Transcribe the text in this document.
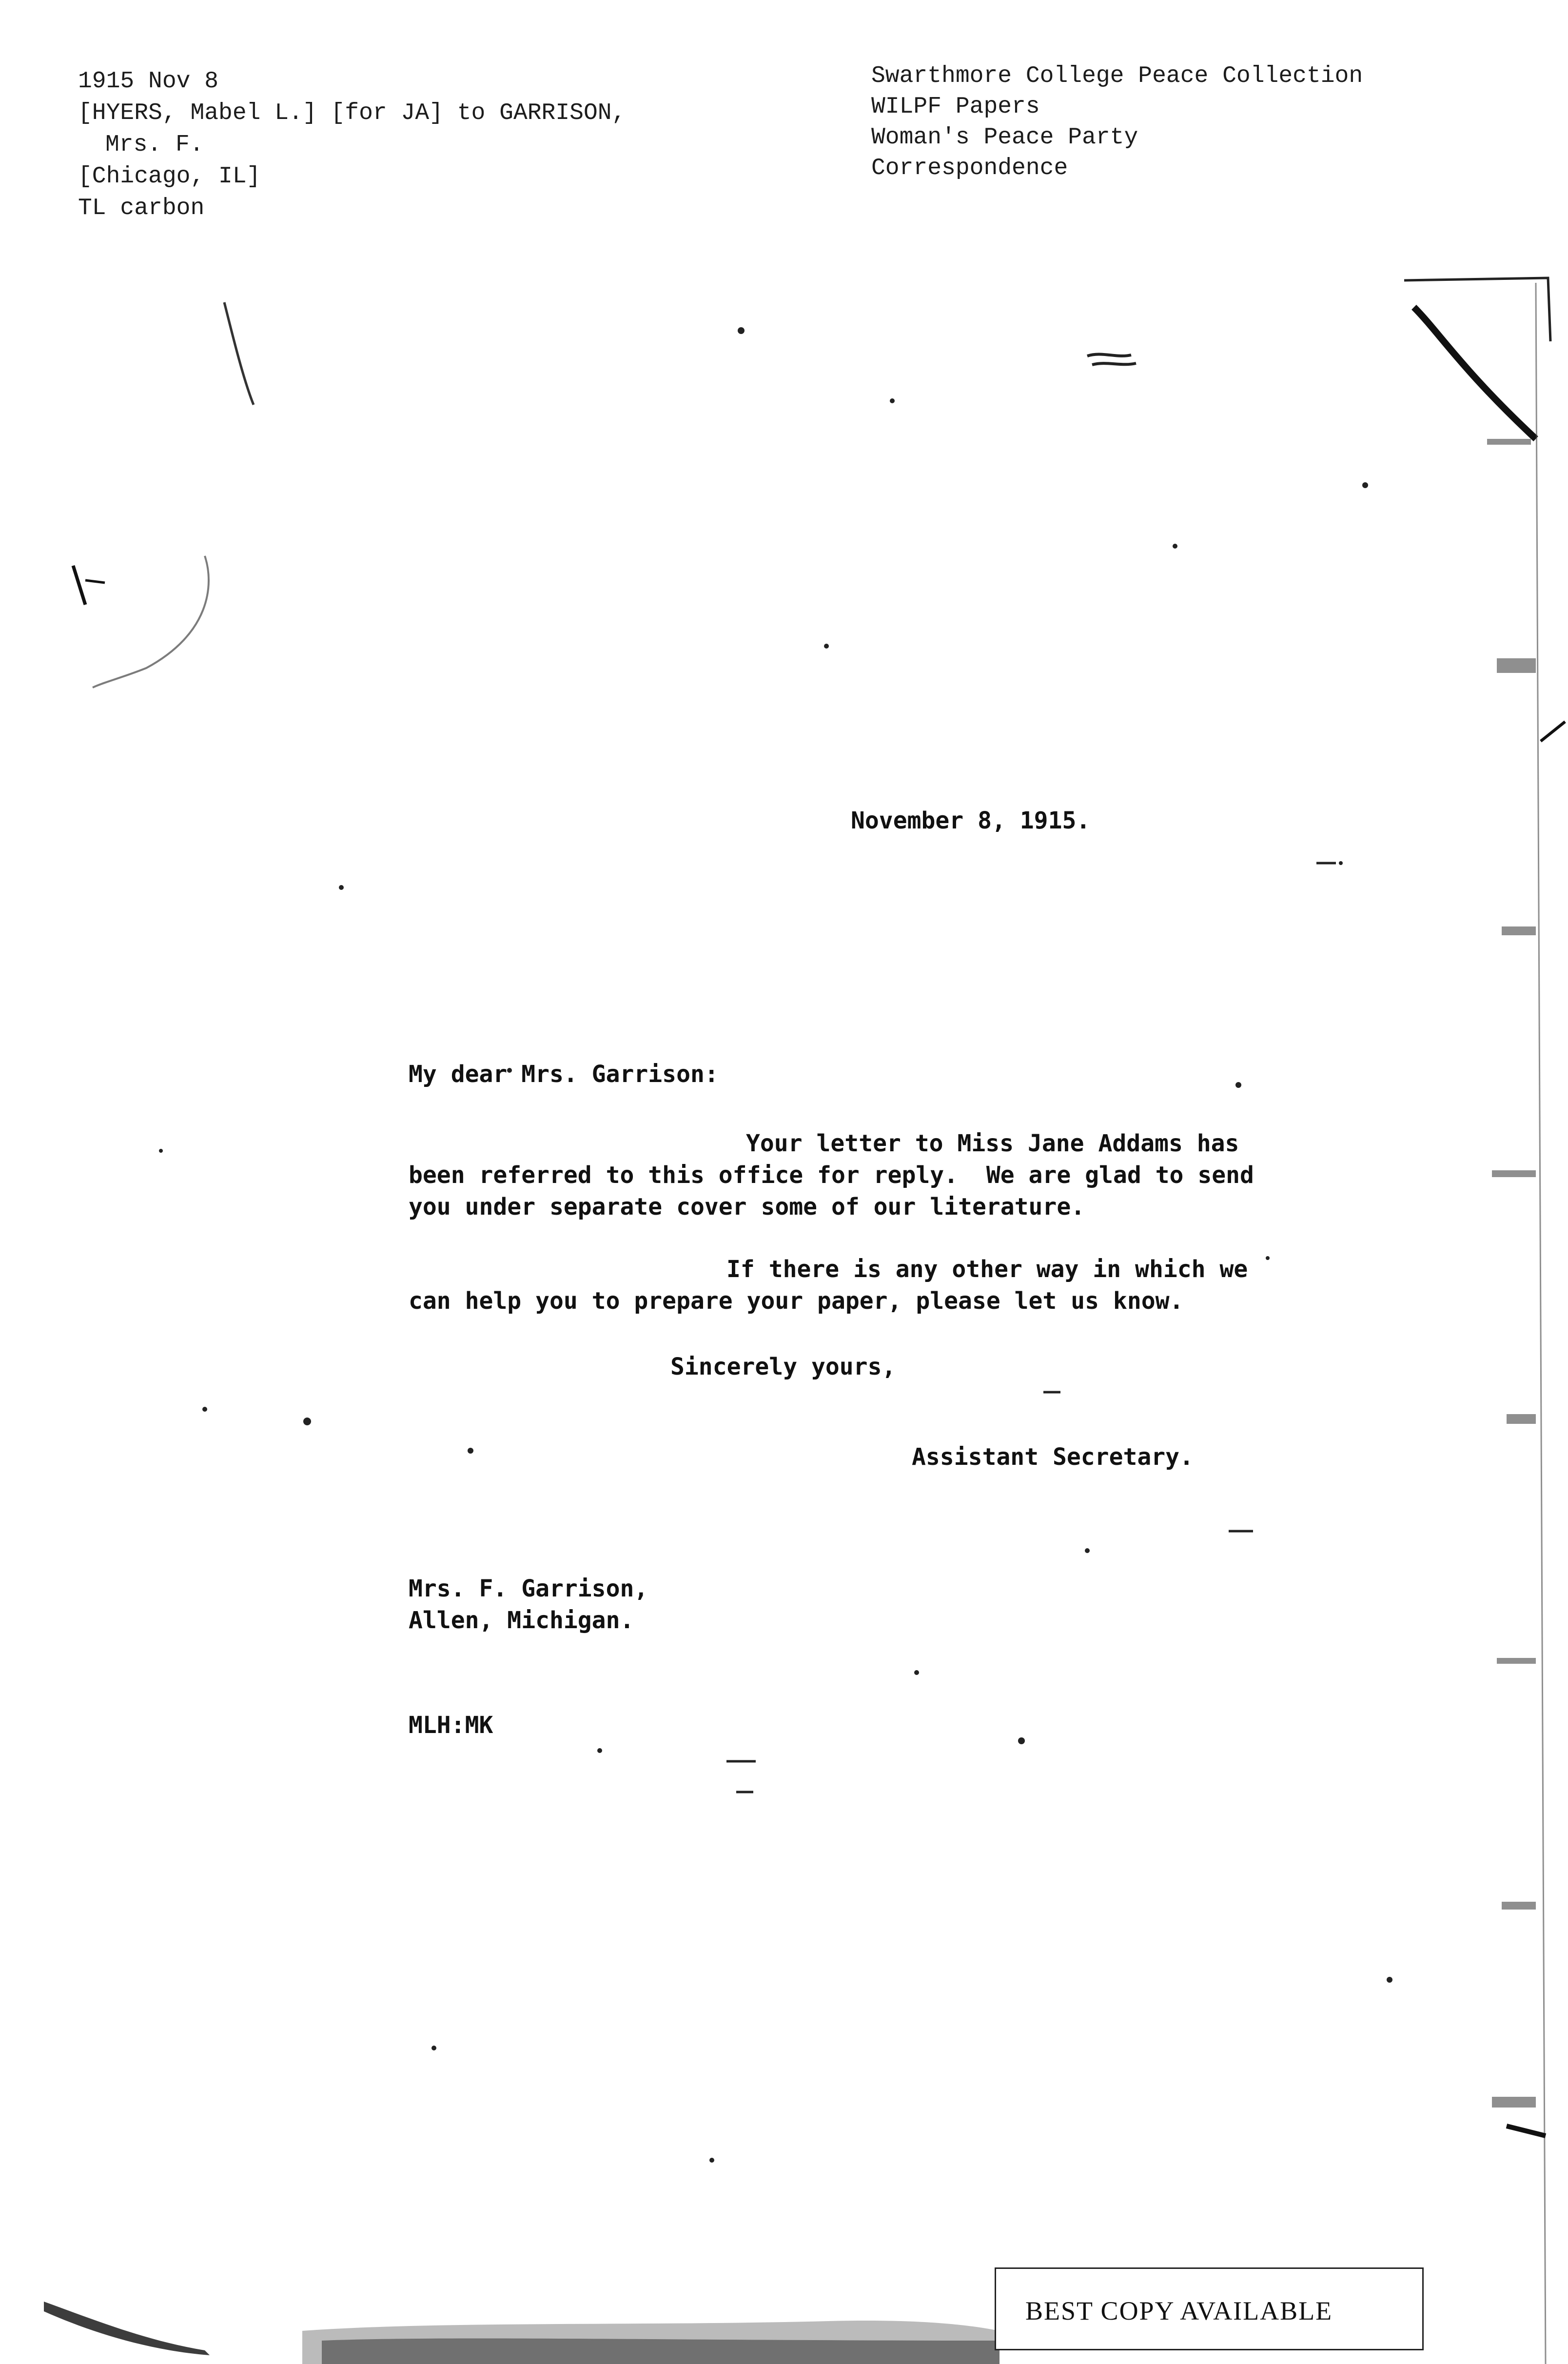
1915 Nov 8
[HYERS, Mabel L.] [for JA] to GARRISON,
Mrs. F.
[Chicago, IL]
TL carbon
Swarthmore College Peace Collection
WILPF Papers
Woman's Peace Party
Correspondence
November 8, 1915.
My dear Mrs. Garrison:
Your letter to Miss Jane Addams has
been referred to this office for reply.  We are glad to send
you under separate cover some of our literature.
If there is any other way in which we
can help you to prepare your paper, please let us know.
Sincerely yours,
Assistant Secretary.
Mrs. F. Garrison,
Allen, Michigan.
MLH:MK
BEST COPY AVAILABLE
